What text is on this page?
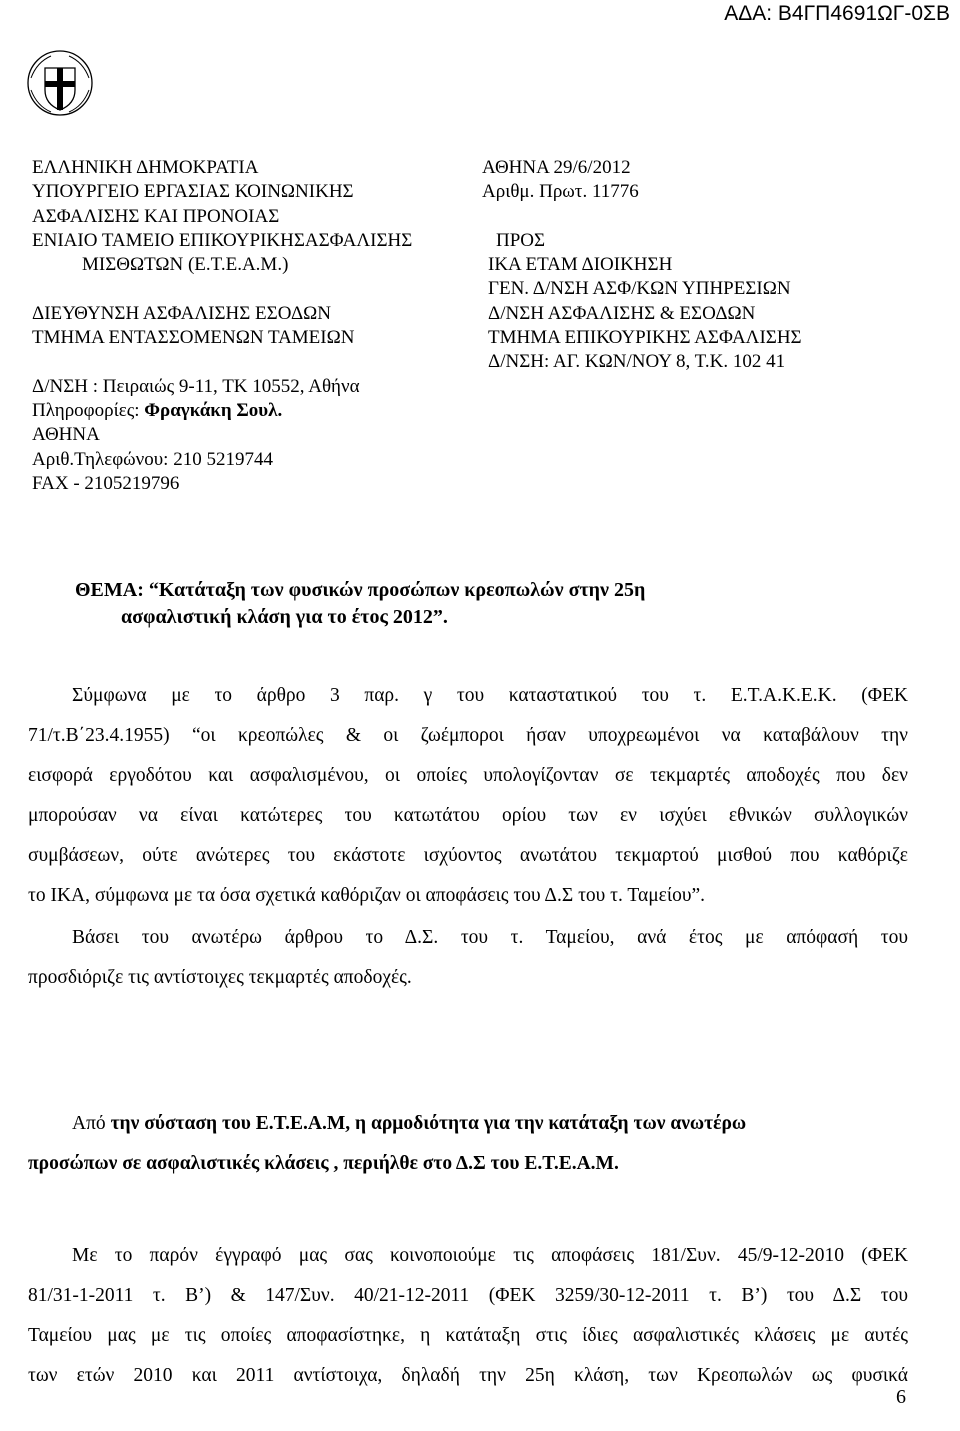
ΑΔΑ: Β4ΓΠ4691ΩΓ-0ΣΒ
ΕΛΛΗΝΙΚΗ ΔΗΜΟΚΡΑΤΙΑ
ΥΠΟΥΡΓΕΙΟ ΕΡΓΑΣΙΑΣ ΚΟΙΝΩΝΙΚΗΣ
ΑΣΦΑΛΙΣΗΣ ΚΑΙ ΠΡΟΝΟΙΑΣ
ΕΝΙΑΙΟ ΤΑΜΕΙΟ ΕΠΙΚΟΥΡΙΚΗΣΑΣΦΑΛΙΣΗΣ
ΜΙΣΘΩΤΩΝ (Ε.Τ.Ε.Α.Μ.)
ΔΙΕΥΘΥΝΣΗ ΑΣΦΑΛΙΣΗΣ ΕΣΟΔΩΝ
ΤΜΗΜΑ ΕΝΤΑΣΣΟΜΕΝΩΝ ΤΑΜΕΙΩΝ
Δ/ΝΣΗ : Πειραιώς 9-11, ΤΚ 10552, Αθήνα
Πληροφορίες: Φραγκάκη Σουλ.
ΑΘΗΝΑ
Αριθ.Τηλεφώνου: 210 5219744
FAX - 2105219796
ΑΘΗΝΑ 29/6/2012
Αριθμ. Πρωτ. 11776
ΠΡΟΣ
ΙΚΑ ΕΤΑΜ ΔΙΟΙΚΗΣΗ
ΓΕΝ. Δ/ΝΣΗ ΑΣΦ/ΚΩΝ ΥΠΗΡΕΣΙΩΝ
Δ/ΝΣΗ ΑΣΦΑΛΙΣΗΣ & ΕΣΟΔΩΝ
ΤΜΗΜΑ ΕΠΙΚΟΥΡΙΚΗΣ ΑΣΦΑΛΙΣΗΣ
Δ/ΝΣΗ: ΑΓ. ΚΩΝ/ΝΟΥ 8, Τ.Κ. 102 41
ΘΕΜΑ: “Κατάταξη των φυσικών προσώπων κρεοπωλών στην 25η
ασφαλιστική κλάση για το έτος 2012”.
Σύμφωνα με το άρθρο 3 παρ. γ του καταστατικού του τ. Ε.Τ.Α.Κ.Ε.Κ. (ΦΕΚ
71/τ.Β΄23.4.1955) “οι κρεοπώλες & οι ζωέμποροι ήσαν υποχρεωμένοι να καταβάλουν την
εισφορά εργοδότου και ασφαλισμένου, οι οποίες υπολογίζονταν σε τεκμαρτές αποδοχές που δεν
μπορούσαν να είναι κατώτερες του κατωτάτου ορίου των εν ισχύει εθνικών συλλογικών
συμβάσεων, ούτε ανώτερες του εκάστοτε ισχύοντος ανωτάτου τεκμαρτού μισθού που καθόριζε
το ΙΚΑ, σύμφωνα με τα όσα σχετικά καθόριζαν οι αποφάσεις του Δ.Σ του τ. Ταμείου”.
Βάσει του ανωτέρω άρθρου το Δ.Σ. του τ. Ταμείου, ανά έτος με απόφασή του
προσδιόριζε τις αντίστοιχες τεκμαρτές αποδοχές.
Από την σύσταση του Ε.Τ.Ε.Α.Μ, η αρμοδιότητα για την κατάταξη των ανωτέρω
προσώπων σε ασφαλιστικές κλάσεις , περιήλθε στο Δ.Σ του Ε.Τ.Ε.Α.Μ.
Με το παρόν έγγραφό μας σας κοινοποιούμε τις αποφάσεις 181/Συν. 45/9-12-2010 (ΦΕΚ
81/31-1-2011 τ. Β’) & 147/Συν. 40/21-12-2011 (ΦΕΚ 3259/30-12-2011 τ. Β’) του Δ.Σ του
Ταμείου μας με τις οποίες αποφασίστηκε, η κατάταξη στις ίδιες ασφαλιστικές κλάσεις με αυτές
των ετών 2010 και 2011 αντίστοιχα, δηλαδή την 25η κλάση, των Κρεοπωλών ως φυσικά
6
